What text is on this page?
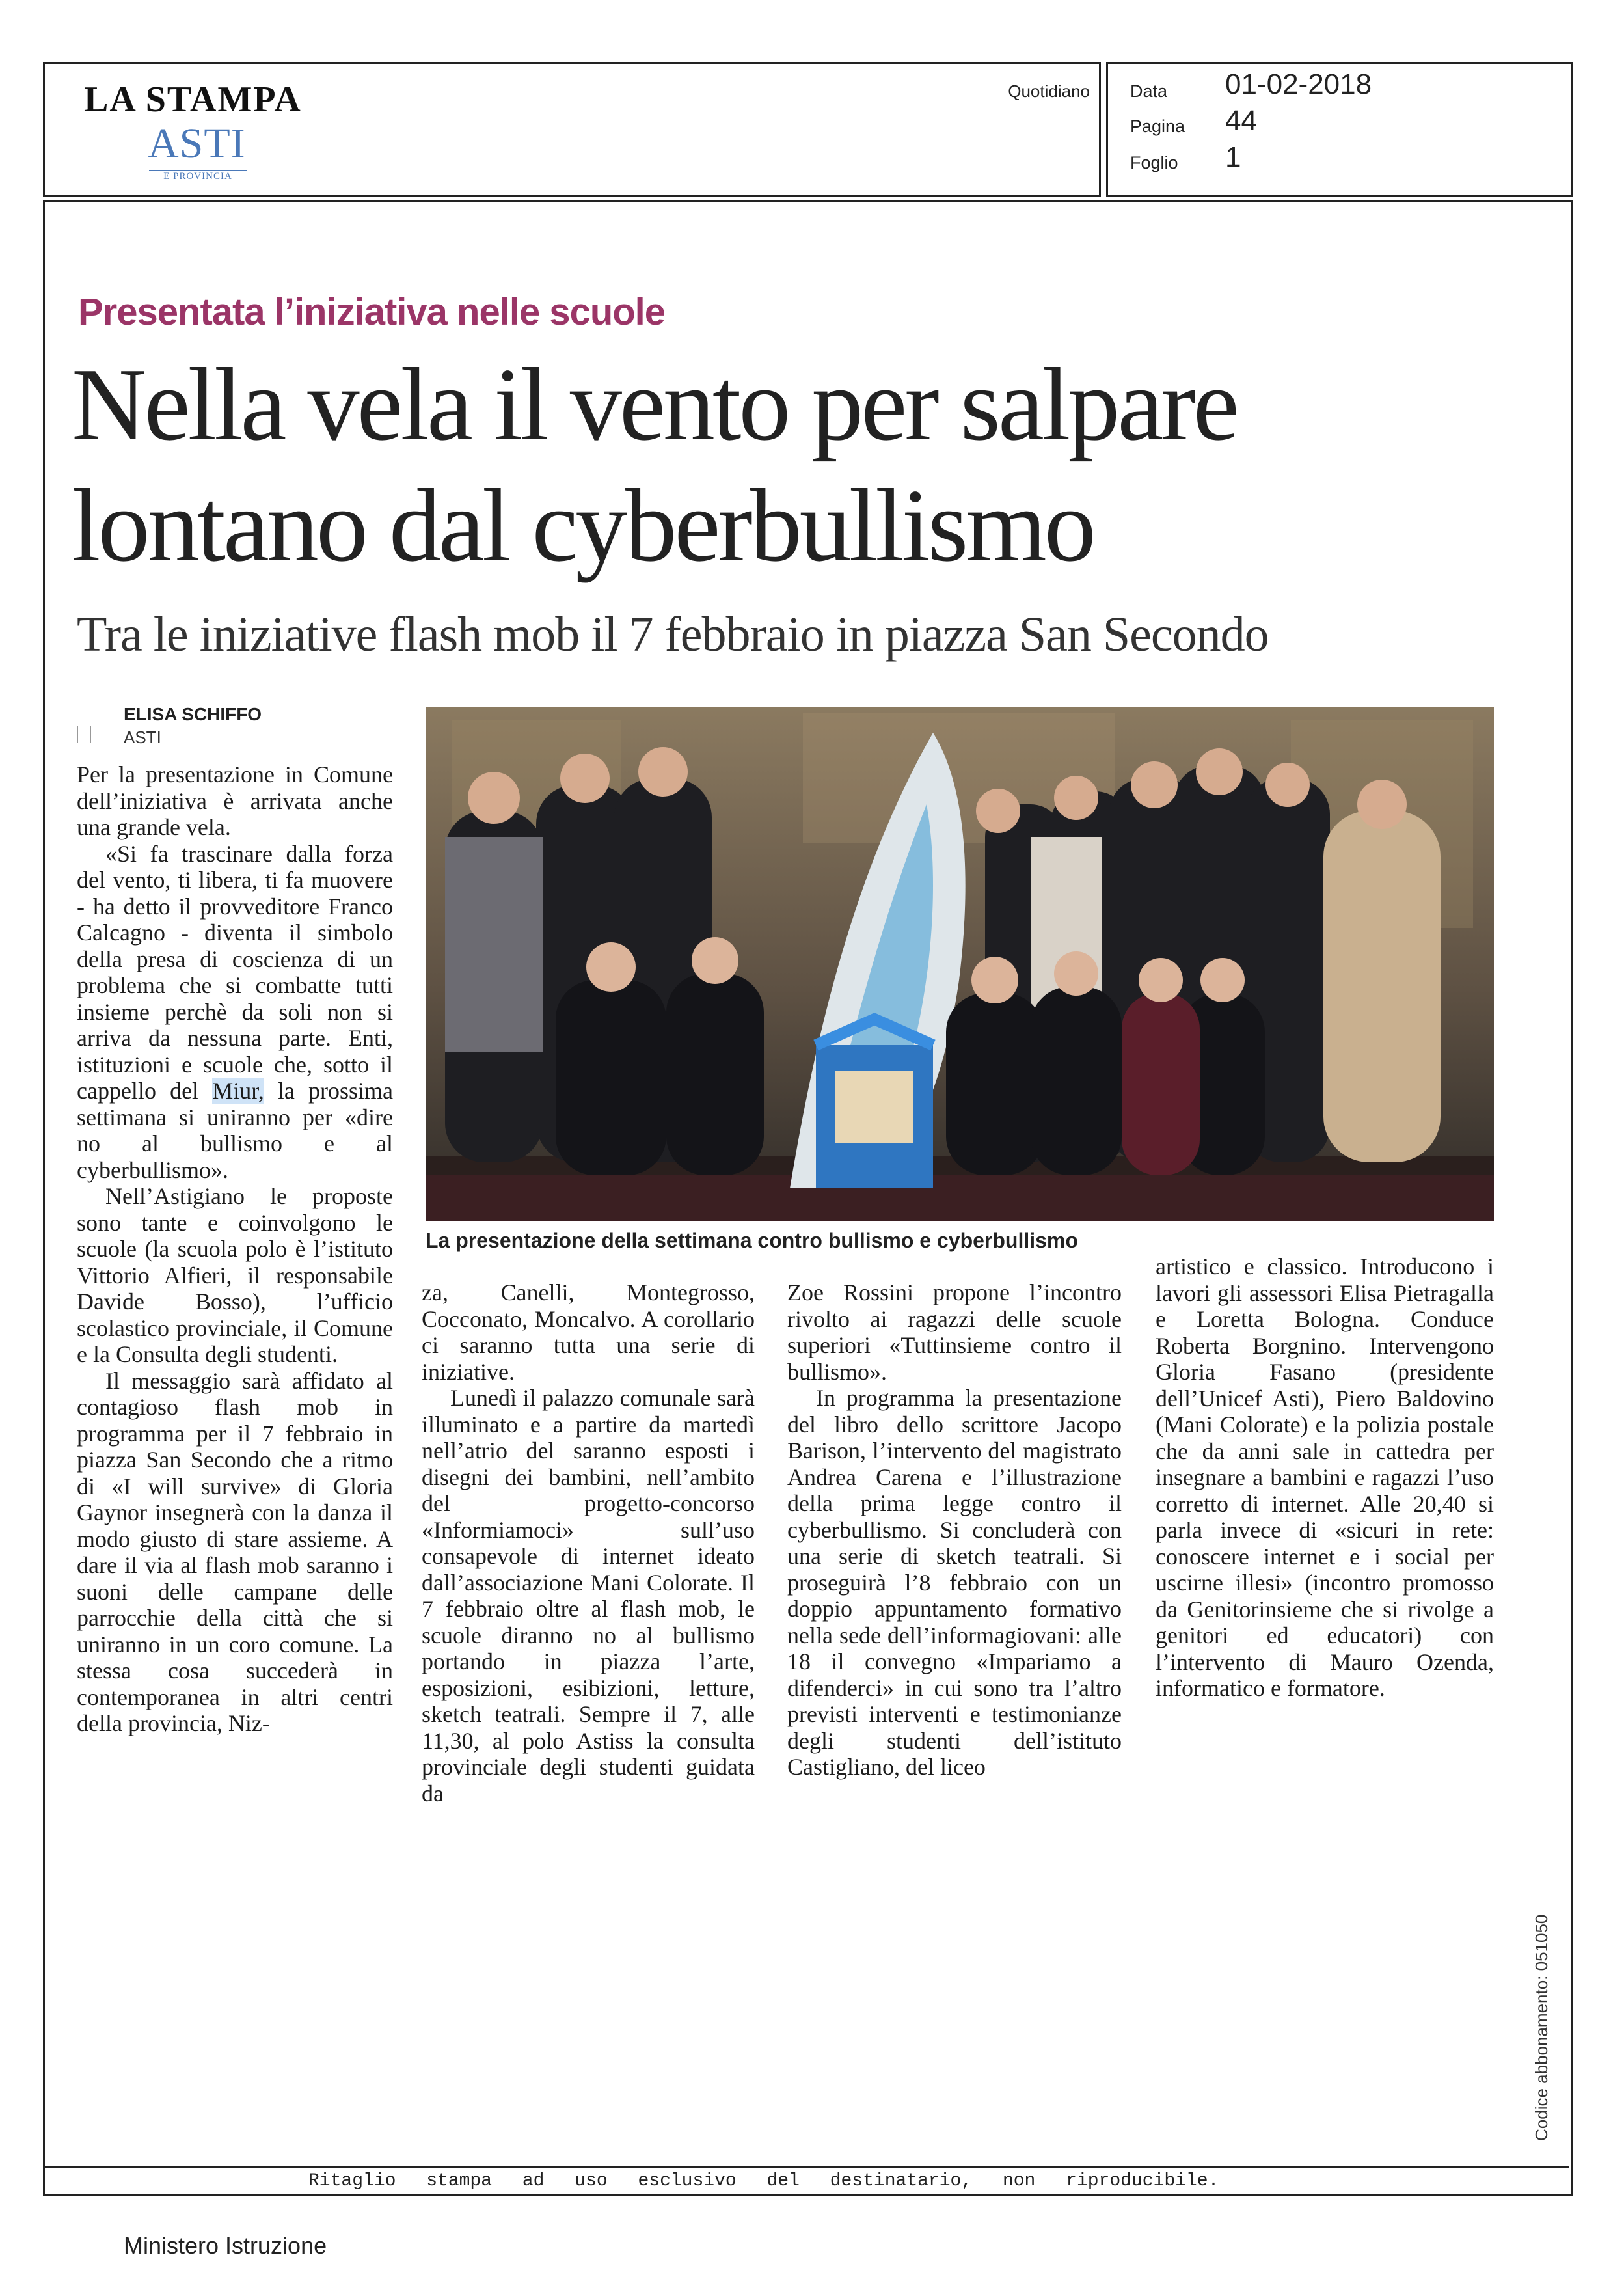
LA STAMPA
ASTI
E PROVINCIA
Quotidiano Data 01-02-2018
Pagina 44
Foglio 1
Presentata l’iniziativa nelle scuole
Nella vela il vento per salpare
lontano dal cyberbullismo
Tra le iniziative flash mob il 7 febbraio in piazza San Secondo
ELISA SCHIFFO
ASTI

Per la presentazione in Comune dell’iniziativa è arrivata anche una grande vela.

«Si fa trascinare dalla forza del vento, ti libera, ti fa muovere - ha detto il provveditore Franco Calcagno - diventa il simbolo della presa di coscienza di un problema che si combatte tutti insieme perchè da soli non si arriva da nessuna parte. Enti, istituzioni e scuole che, sotto il cappello del Miur, la prossima settimana si uniranno per «dire no al bullismo e al cyberbullismo».

Nell’Astigiano le proposte sono tante e coinvolgono le scuole (la scuola polo è l’istituto Vittorio Alfieri, il responsabile Davide Bosso), l’ufficio scolastico provinciale, il Comune e la Consulta degli studenti.

Il messaggio sarà affidato al contagioso flash mob in programma per il 7 febbraio in piazza San Secondo che a ritmo di «I will survive» di Gloria Gaynor insegnerà con la danza il modo giusto di stare assieme. A dare il via al flash mob saranno i suoni delle campane delle parrocchie della città che si uniranno in un coro comune. La stessa cosa succederà in contemporanea in altri centri della provincia, Niz-

La presentazione della settimana contro bullismo e cyberbullismo

za, Canelli, Montegrosso, Cocconato, Moncalvo. A corollario ci saranno tutta una serie di iniziative.

Lunedì il palazzo comunale sarà illuminato e a partire da martedì nell’atrio del saranno esposti i disegni dei bambini, nell’ambito del progetto-concorso «Informiamoci» sull’uso consapevole di internet ideato dall’associazione Mani Colorate. Il 7 febbraio oltre al flash mob, le scuole diranno no al bullismo portando in piazza l’arte, esposizioni, esibizioni, letture, sketch teatrali. Sempre il 7, alle 11,30, al polo Astiss la consulta provinciale degli studenti guidata da

Zoe Rossini propone l’incontro rivolto ai ragazzi delle scuole superiori «Tuttinsieme contro il bullismo».

In programma la presentazione del libro dello scrittore Jacopo Barison, l’intervento del magistrato Andrea Carena e l’illustrazione della prima legge contro il cyberbullismo. Si concluderà con una serie di sketch teatrali. Si proseguirà l’8 febbraio con un doppio appuntamento formativo nella sede dell’informagiovani: alle 18 il convegno «Impariamo a difenderci» in cui sono tra l’altro previsti interventi e testimonianze degli studenti dell’istituto Castigliano, del liceo

artistico e classico. Introducono i lavori gli assessori Elisa Pietragalla e Loretta Bologna. Conduce Roberta Borgnino. Intervengono Gloria Fasano (presidente dell’Unicef Asti), Piero Baldovino (Mani Colorate) e la polizia postale che da anni sale in cattedra per insegnare a bambini e ragazzi l’uso corretto di internet. Alle 20,40 si parla invece di «sicuri in rete: conoscere internet e i social per uscirne illesi» (incontro promosso da Genitorinsieme che si rivolge a genitori ed educatori) con l’intervento di Mauro Ozenda, informatico e formatore.

Ritaglio stampa ad uso esclusivo del destinatario, non riproducibile.
Codice abbonamento: 051050
Ministero Istruzione
